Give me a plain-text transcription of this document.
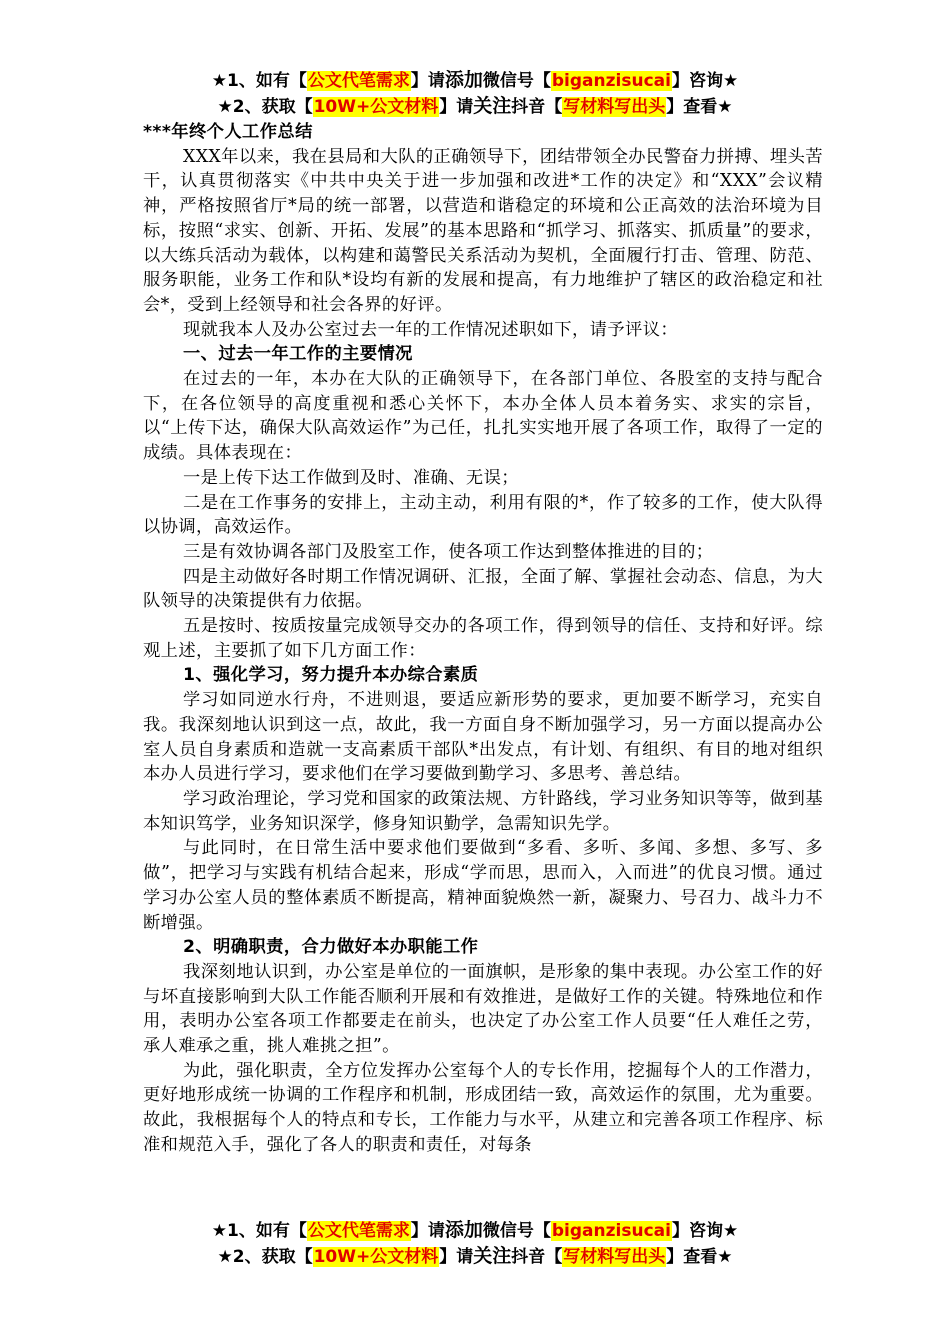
★1、如有【公文代笔需求】请添加微信号【biganzisucai】咨询★
★2、获取【10W+公文材料】请关注抖音【写材料写出头】查看★

***年终个人工作总结

XXX年以来，我在县局和大队的正确领导下，团结带领全办民警奋力拼搏、埋头苦干，认真贯彻落实《中共中央关于进一步加强和改进*工作的决定》和“XXX”会议精神，严格按照省厅*局的统一部署，以营造和谐稳定的环境和公正高效的法治环境为目标，按照“求实、创新、开拓、发展”的基本思路和“抓学习、抓落实、抓质量”的要求，以大练兵活动为载体，以构建和蔼警民关系活动为契机，全面履行打击、管理、防范、服务职能，业务工作和队*设均有新的发展和提高，有力地维护了辖区的政治稳定和社会*，受到上经领导和社会各界的好评。

现就我本人及办公室过去一年的工作情况述职如下，请予评议：

一、过去一年工作的主要情况

在过去的一年，本办在大队的正确领导下，在各部门单位、各股室的支持与配合下，在各位领导的高度重视和悉心关怀下，本办全体人员本着务实、求实的宗旨，以“上传下达，确保大队高效运作”为己任，扎扎实实地开展了各项工作，取得了一定的成绩。具体表现在：

一是上传下达工作做到及时、准确、无误；

二是在工作事务的安排上，主动主动，利用有限的*，作了较多的工作，使大队得以协调，高效运作。

三是有效协调各部门及股室工作，使各项工作达到整体推进的目的；

四是主动做好各时期工作情况调研、汇报，全面了解、掌握社会动态、信息，为大队领导的决策提供有力依据。

五是按时、按质按量完成领导交办的各项工作，得到领导的信任、支持和好评。综观上述，主要抓了如下几方面工作：

1、强化学习，努力提升本办综合素质

学习如同逆水行舟，不进则退，要适应新形势的要求，更加要不断学习，充实自我。我深刻地认识到这一点，故此，我一方面自身不断加强学习，另一方面以提高办公室人员自身素质和造就一支高素质干部队*出发点，有计划、有组织、有目的地对组织本办人员进行学习，要求他们在学习要做到勤学习、多思考、善总结。

学习政治理论，学习党和国家的政策法规、方针路线，学习业务知识等等，做到基本知识笃学，业务知识深学，修身知识勤学，急需知识先学。

与此同时，在日常生活中要求他们要做到“多看、多听、多闻、多想、多写、多做”，把学习与实践有机结合起来，形成“学而思，思而入，入而进”的优良习惯。通过学习办公室人员的整体素质不断提高，精神面貌焕然一新，凝聚力、号召力、战斗力不断增强。

2、明确职责，合力做好本办职能工作

我深刻地认识到，办公室是单位的一面旗帜，是形象的集中表现。办公室工作的好与坏直接影响到大队工作能否顺利开展和有效推进，是做好工作的关键。特殊地位和作用，表明办公室各项工作都要走在前头，也决定了办公室工作人员要“任人难任之劳，承人难承之重，挑人难挑之担”。

为此，强化职责，全方位发挥办公室每个人的专长作用，挖掘每个人的工作潜力，更好地形成统一协调的工作程序和机制，形成团结一致，高效运作的氛围，尤为重要。故此，我根据每个人的特点和专长，工作能力与水平，从建立和完善各项工作程序、标准和规范入手，强化了各人的职责和责任，对每条

★1、如有【公文代笔需求】请添加微信号【biganzisucai】咨询★
★2、获取【10W+公文材料】请关注抖音【写材料写出头】查看★
